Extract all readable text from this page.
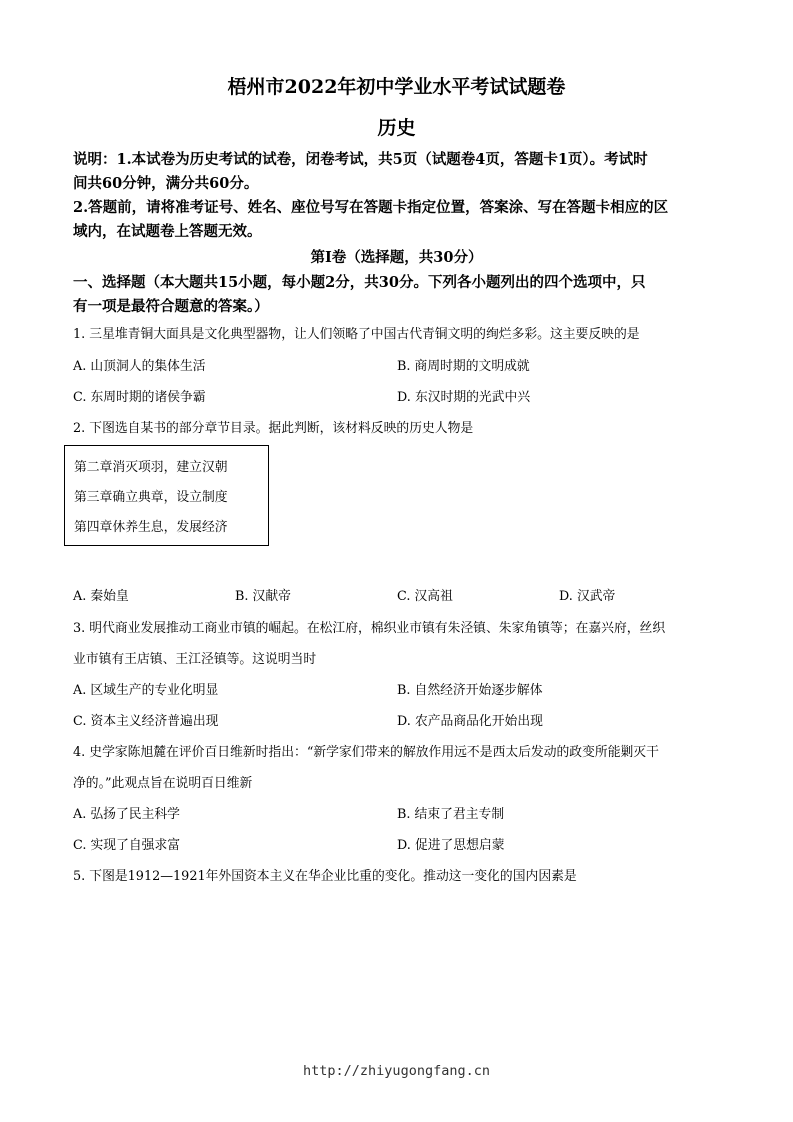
梧州市2022年初中学业水平考试试题卷
历史
说明：1.本试卷为历史考试的试卷，闭卷考试，共5页（试题卷4页，答题卡1页）。考试时
间共60分钟，满分共60分。
2.答题前，请将准考证号、姓名、座位号写在答题卡指定位置，答案涂、写在答题卡相应的区
域内，在试题卷上答题无效。
第I卷（选择题，共30分）
一、选择题（本大题共15小题，每小题2分，共30分。下列各小题列出的四个选项中，只
有一项是最符合题意的答案。）
1. 三星堆青铜大面具是文化典型器物，让人们领略了中国古代青铜文明的绚烂多彩。这主要反映的是
A. 山顶洞人的集体生活	B. 商周时期的文明成就
C. 东周时期的诸侯争霸	D. 东汉时期的光武中兴
2. 下图选自某书的部分章节目录。据此判断，该材料反映的历史人物是
第二章消灭项羽，建立汉朝
第三章确立典章，设立制度
第四章休养生息，发展经济
A. 秦始皇	B. 汉献帝	C. 汉高祖	D. 汉武帝
3. 明代商业发展推动工商业市镇的崛起。在松江府，棉织业市镇有朱泾镇、朱家角镇等；在嘉兴府，丝织
业市镇有王店镇、王江泾镇等。这说明当时
A. 区域生产的专业化明显	B. 自然经济开始逐步解体
C. 资本主义经济普遍出现	D. 农产品商品化开始出现
4. 史学家陈旭麓在评价百日维新时指出：“新学家们带来的解放作用远不是西太后发动的政变所能剿灭干
净的。”此观点旨在说明百日维新
A. 弘扬了民主科学	B. 结束了君主专制
C. 实现了自强求富	D. 促进了思想启蒙
5. 下图是1912—1921年外国资本主义在华企业比重的变化。推动这一变化的国内因素是
http://zhiyugongfang.cn
